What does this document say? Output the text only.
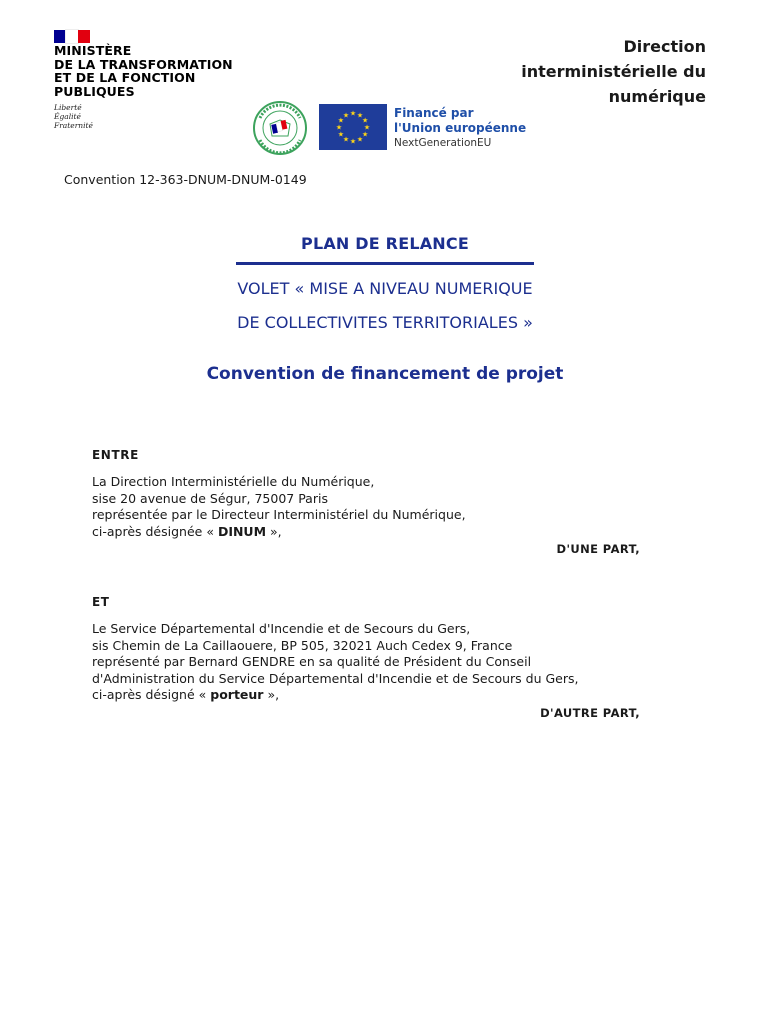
MINISTÈRE
DE LA TRANSFORMATION
ET DE LA FONCTION
PUBLIQUES
Liberté
Égalité
Fraternité
Direction
interministérielle du
numérique
★ ★
★
★
★
★
★
★
★
★
★
★	Financé par
l'Union européenne
NextGenerationEU
Convention 12-363-DNUM-DNUM-0149
PLAN DE RELANCE
VOLET « MISE A NIVEAU NUMERIQUE
DE COLLECTIVITES TERRITORIALES »
Convention de financement de projet
ENTRE
La Direction Interministérielle du Numérique,
sise 20 avenue de Ségur, 75007 Paris
représentée par le Directeur Interministériel du Numérique,
ci-après désignée « DINUM »,
D'UNE PART,
ET
Le Service Départemental d'Incendie et de Secours du Gers,
sis Chemin de La Caillaouere, BP 505, 32021 Auch Cedex 9, France
représenté par Bernard GENDRE en sa qualité de Président du Conseil
d'Administration du Service Départemental d'Incendie et de Secours du Gers,
ci-après désigné « porteur »,
D'AUTRE PART,
